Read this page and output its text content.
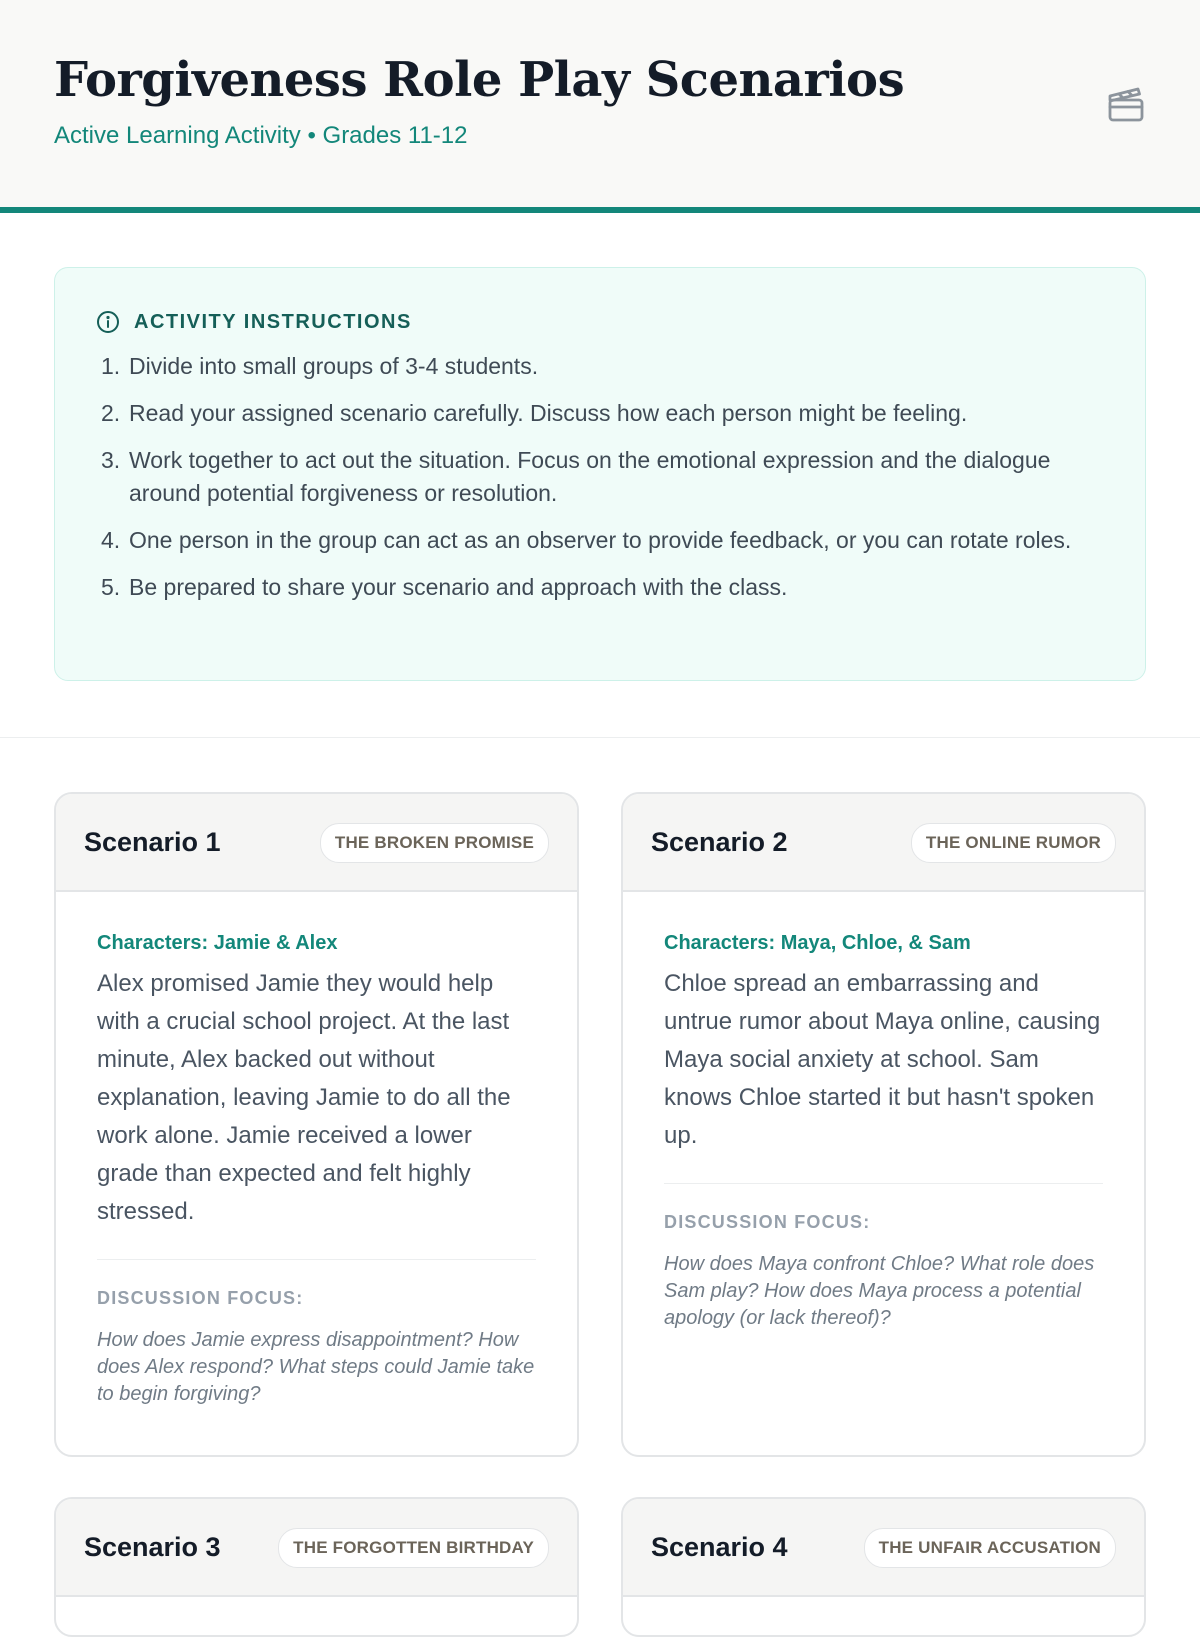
Forgiveness Role Play Scenarios
Active Learning Activity • Grades 11-12
ACTIVITY INSTRUCTIONS
1. Divide into small groups of 3-4 students.
2. Read your assigned scenario carefully. Discuss how each person might be feeling.
3. Work together to act out the situation. Focus on the emotional expression and the dialogue around potential forgiveness or resolution.
4. One person in the group can act as an observer to provide feedback, or you can rotate roles.
5. Be prepared to share your scenario and approach with the class.
Scenario 1	THE BROKEN PROMISE
Characters: Jamie & Alex

Alex promised Jamie they would help with a crucial school project. At the last minute, Alex backed out without explanation, leaving Jamie to do all the work alone. Jamie received a lower grade than expected and felt highly stressed.

DISCUSSION FOCUS:

How does Jamie express disappointment? How does Alex respond? What steps could Jamie take to begin forgiving?

Scenario 2	THE ONLINE RUMOR
Characters: Maya, Chloe, & Sam

Chloe spread an embarrassing and untrue rumor about Maya online, causing Maya social anxiety at school. Sam knows Chloe started it but hasn't spoken up.

DISCUSSION FOCUS:

How does Maya confront Chloe? What role does Sam play? How does Maya process a potential apology (or lack thereof)?

Scenario 3	THE FORGOTTEN BIRTHDAY	Scenario 4	THE UNFAIR ACCUSATION
